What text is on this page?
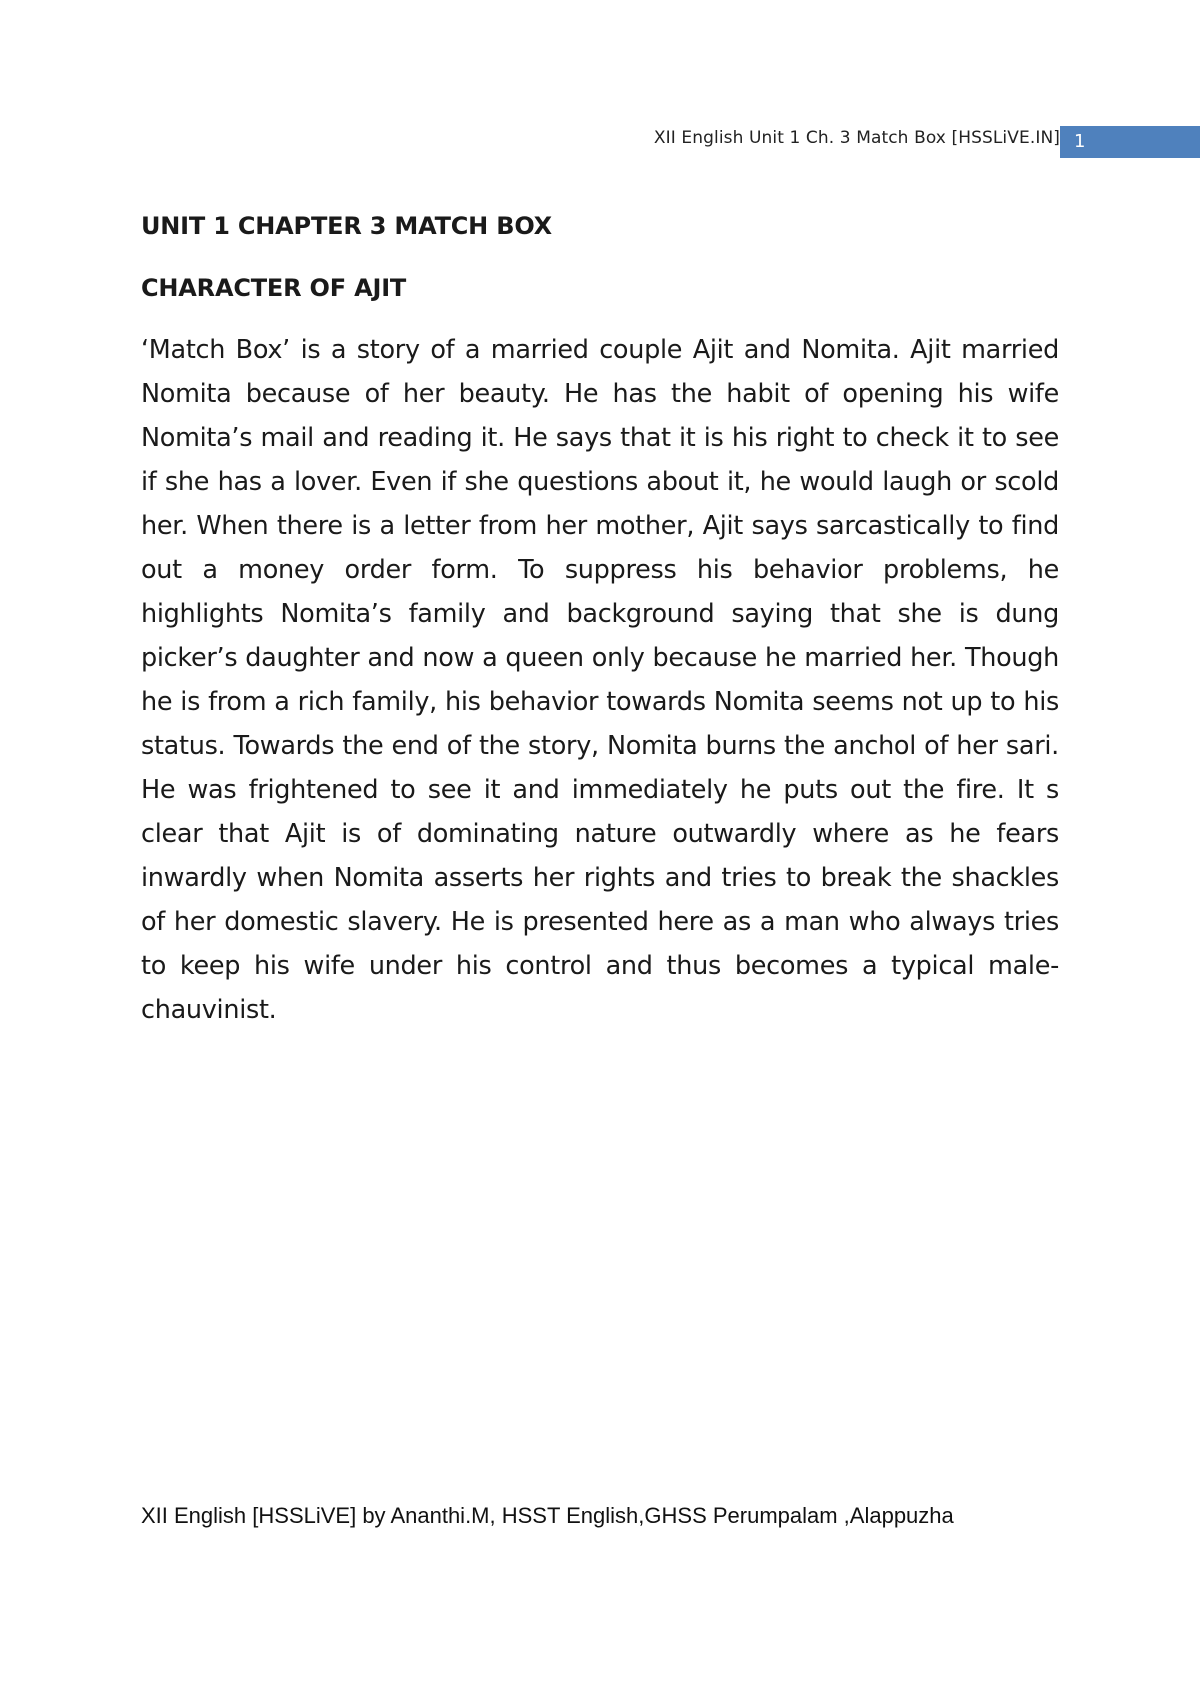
XII English Unit 1 Ch. 3 Match Box [HSSLiVE.IN] 1
UNIT 1 CHAPTER 3 MATCH BOX
CHARACTER OF AJIT

‘Match Box’ is a story of a married couple Ajit and Nomita. Ajit married Nomita because of her beauty. He has the habit of opening his wife Nomita’s mail and reading it. He says that it is his right to check it to see if she has a lover. Even if she questions about it, he would laugh or scold her. When there is a letter from her mother, Ajit says sarcastically to find out a money order form. To suppress his behavior problems, he highlights Nomita’s family and background saying that she is dung picker’s daughter and now a queen only because he married her. Though he is from a rich family, his behavior towards Nomita seems not up to his status. Towards the end of the story, Nomita burns the anchol of her sari. He was frightened to see it and immediately he puts out the fire. It s clear that Ajit is of dominating nature outwardly where as he fears inwardly when Nomita asserts her rights and tries to break the shackles of her domestic slavery. He is presented here as a man who always tries to keep his wife under his control and thus becomes a typical male- chauvinist.

XII English [HSSLiVE] by Ananthi.M, HSST English,GHSS Perumpalam ,Alappuzha
